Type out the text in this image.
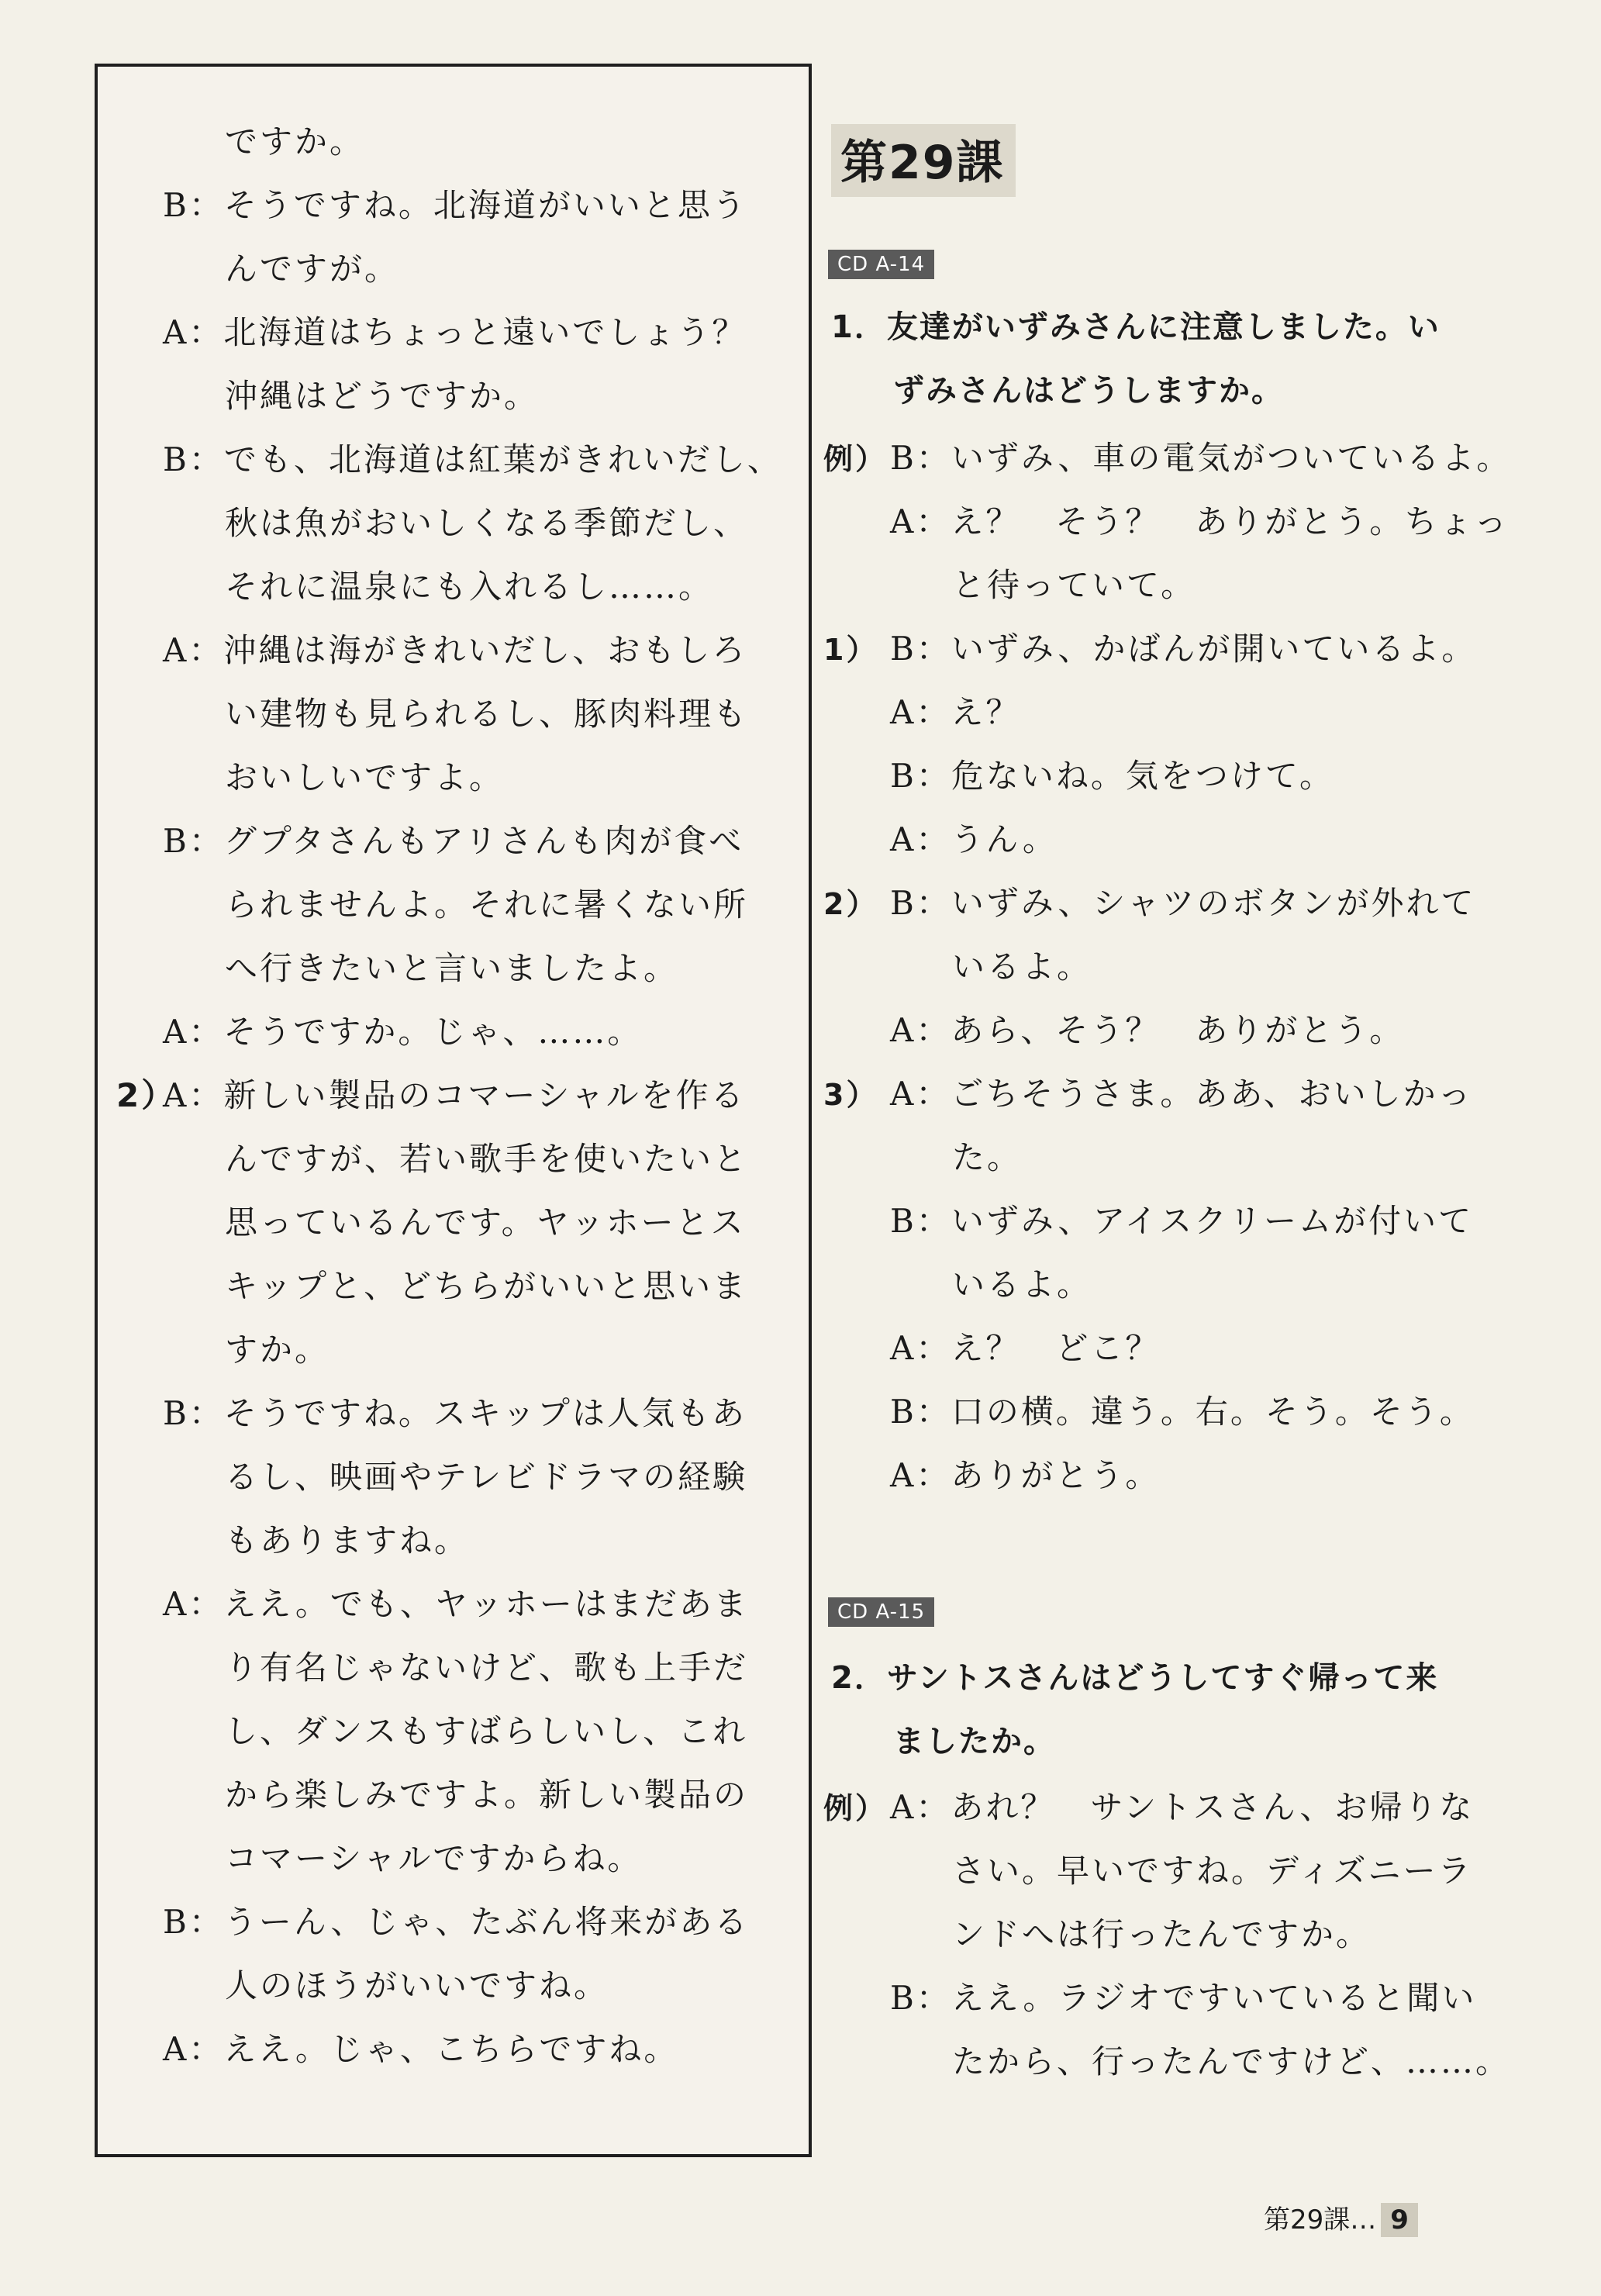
ですか。
B：そうですね。北海道がいいと思う
んですが。
A：北海道はちょっと遠いでしょう？
沖縄はどうですか。
B：でも、北海道は紅葉がきれいだし、
秋は魚がおいしくなる季節だし、
それに温泉にも入れるし……。
A：沖縄は海がきれいだし、おもしろ
い建物も見られるし、豚肉料理も
おいしいですよ。
B：グプタさんもアリさんも肉が食べ
られませんよ。それに暑くない所
へ行きたいと言いましたよ。
A：そうですか。じゃ、……。
2）A：新しい製品のコマーシャルを作る
んですが、若い歌手を使いたいと
思っているんです。ヤッホーとス
キップと、どちらがいいと思いま
すか。
B：そうですね。スキップは人気もあ
るし、映画やテレビドラマの経験
もありますね。
A：ええ。でも、ヤッホーはまだあま
り有名じゃないけど、歌も上手だ
し、ダンスもすばらしいし、これ
から楽しみですよ。新しい製品の
コマーシャルですからね。
B：うーん、じゃ、たぶん将来がある
人のほうがいいですね。
A：ええ。じゃ、こちらですね。
第29課
CD A-14
1．友達がいずみさんに注意しました。い
ずみさんはどうしますか。
例）B：いずみ、車の電気がついているよ。
A：え？　そう？　ありがとう。ちょっ
と待っていて。
1） B：いずみ、かばんが開いているよ。
A：え？
B：危ないね。気をつけて。
A：うん。
2） B：いずみ、シャツのボタンが外れて
いるよ。
A：あら、そう？　ありがとう。
3） A：ごちそうさま。ああ、おいしかっ
た。
B：いずみ、アイスクリームが付いて
いるよ。
A：え？　どこ？
B：口の横。違う。右。そう。そう。
A：ありがとう。
CD A-15
2．サントスさんはどうしてすぐ帰って来
ましたか。
例）A：あれ？　サントスさん、お帰りな
さい。早いですね。ディズニーラ
ンドへは行ったんですか。
B：ええ。ラジオですいていると聞い
たから、行ったんですけど、……。
第29課… 9
